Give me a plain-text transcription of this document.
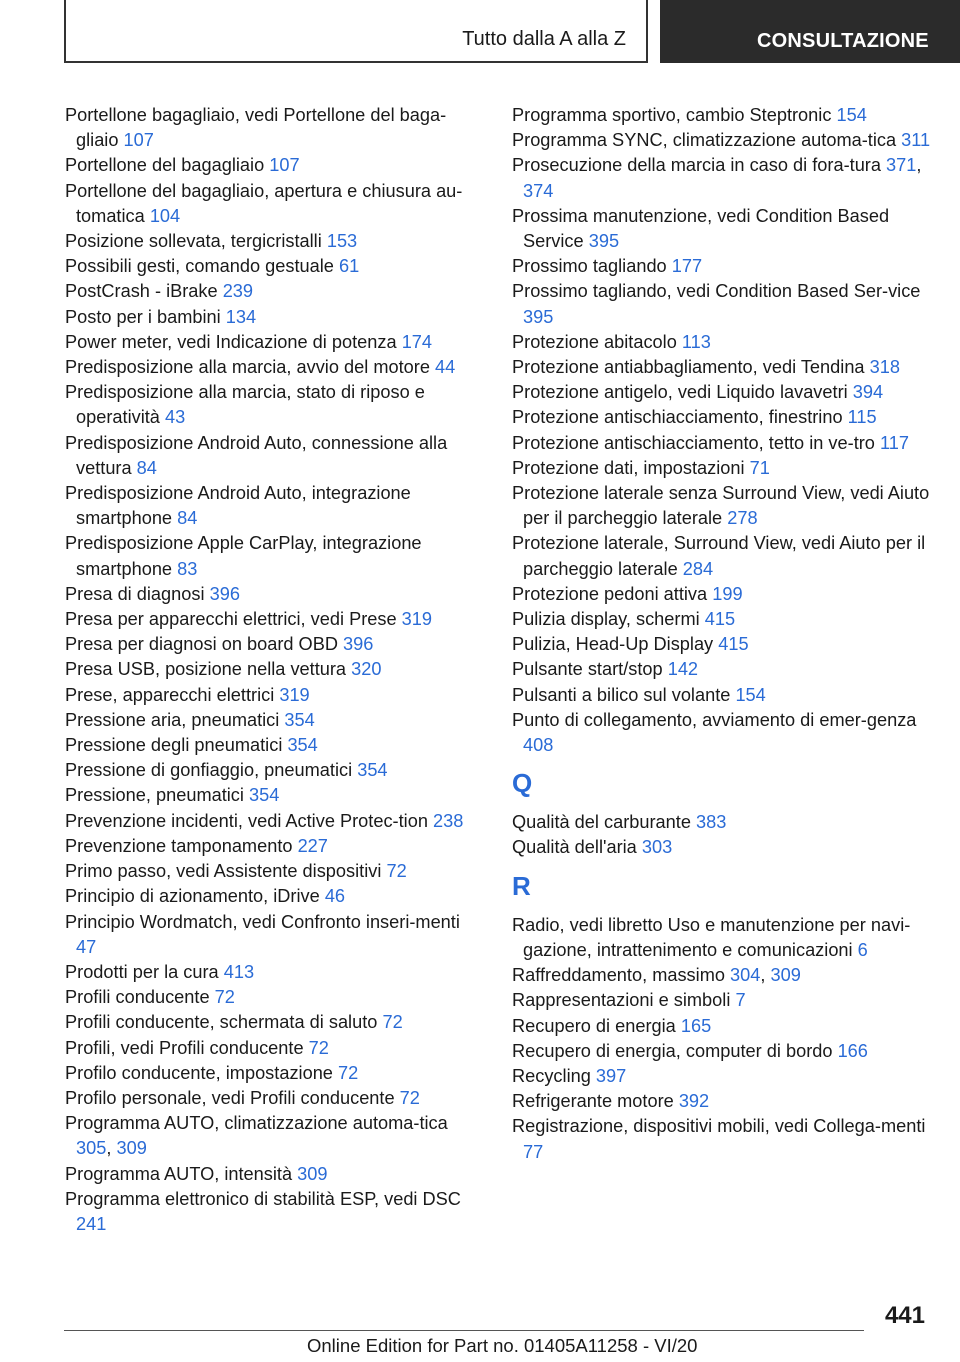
Tutto dalla A alla Z	CONSULTAZIONE
Portellone bagagliaio, vedi Portellone del baga-gliaio 107
Portellone del bagagliaio 107
Portellone del bagagliaio, apertura e chiusura au-tomatica 104
Posizione sollevata, tergicristalli 153
Possibili gesti, comando gestuale 61
PostCrash - iBrake 239
Posto per i bambini 134
Power meter, vedi Indicazione di potenza 174
Predisposizione alla marcia, avvio del motore 44
Predisposizione alla marcia, stato di riposo e operatività 43
Predisposizione Android Auto, connessione alla vettura 84
Predisposizione Android Auto, integrazione smartphone 84
Predisposizione Apple CarPlay, integrazione smartphone 83
Presa di diagnosi 396
Presa per apparecchi elettrici, vedi Prese 319
Presa per diagnosi on board OBD 396
Presa USB, posizione nella vettura 320
Prese, apparecchi elettrici 319
Pressione aria, pneumatici 354
Pressione degli pneumatici 354
Pressione di gonfiaggio, pneumatici 354
Pressione, pneumatici 354
Prevenzione incidenti, vedi Active Protec-tion 238
Prevenzione tamponamento 227
Primo passo, vedi Assistente dispositivi 72
Principio di azionamento, iDrive 46
Principio Wordmatch, vedi Confronto inseri-menti 47
Prodotti per la cura 413
Profili conducente 72
Profili conducente, schermata di saluto 72
Profili, vedi Profili conducente 72
Profilo conducente, impostazione 72
Profilo personale, vedi Profili conducente 72
Programma AUTO, climatizzazione automa-tica 305, 309
Programma AUTO, intensità 309
Programma elettronico di stabilità ESP, vedi DSC 241
Programma sportivo, cambio Steptronic 154
Programma SYNC, climatizzazione automa-tica 311
Prosecuzione della marcia in caso di fora-tura 371, 374
Prossima manutenzione, vedi Condition Based Service 395
Prossimo tagliando 177
Prossimo tagliando, vedi Condition Based Ser-vice 395
Protezione abitacolo 113
Protezione antiabbagliamento, vedi Tendina 318
Protezione antigelo, vedi Liquido lavavetri 394
Protezione antischiacciamento, finestrino 115
Protezione antischiacciamento, tetto in ve-tro 117
Protezione dati, impostazioni 71
Protezione laterale senza Surround View, vedi Aiuto per il parcheggio laterale 278
Protezione laterale, Surround View, vedi Aiuto per il parcheggio laterale 284
Protezione pedoni attiva 199
Pulizia display, schermi 415
Pulizia, Head-Up Display 415
Pulsante start/stop 142
Pulsanti a bilico sul volante 154
Punto di collegamento, avviamento di emer-genza 408
Q
Qualità del carburante 383
Qualità dell'aria 303
R
Radio, vedi libretto Uso e manutenzione per navi-gazione, intrattenimento e comunicazioni 6
Raffreddamento, massimo 304, 309
Rappresentazioni e simboli 7
Recupero di energia 165
Recupero di energia, computer di bordo 166
Recycling 397
Refrigerante motore 392
Registrazione, dispositivi mobili, vedi Collega-menti 77
441
Online Edition for Part no. 01405A11258 - VI/20
